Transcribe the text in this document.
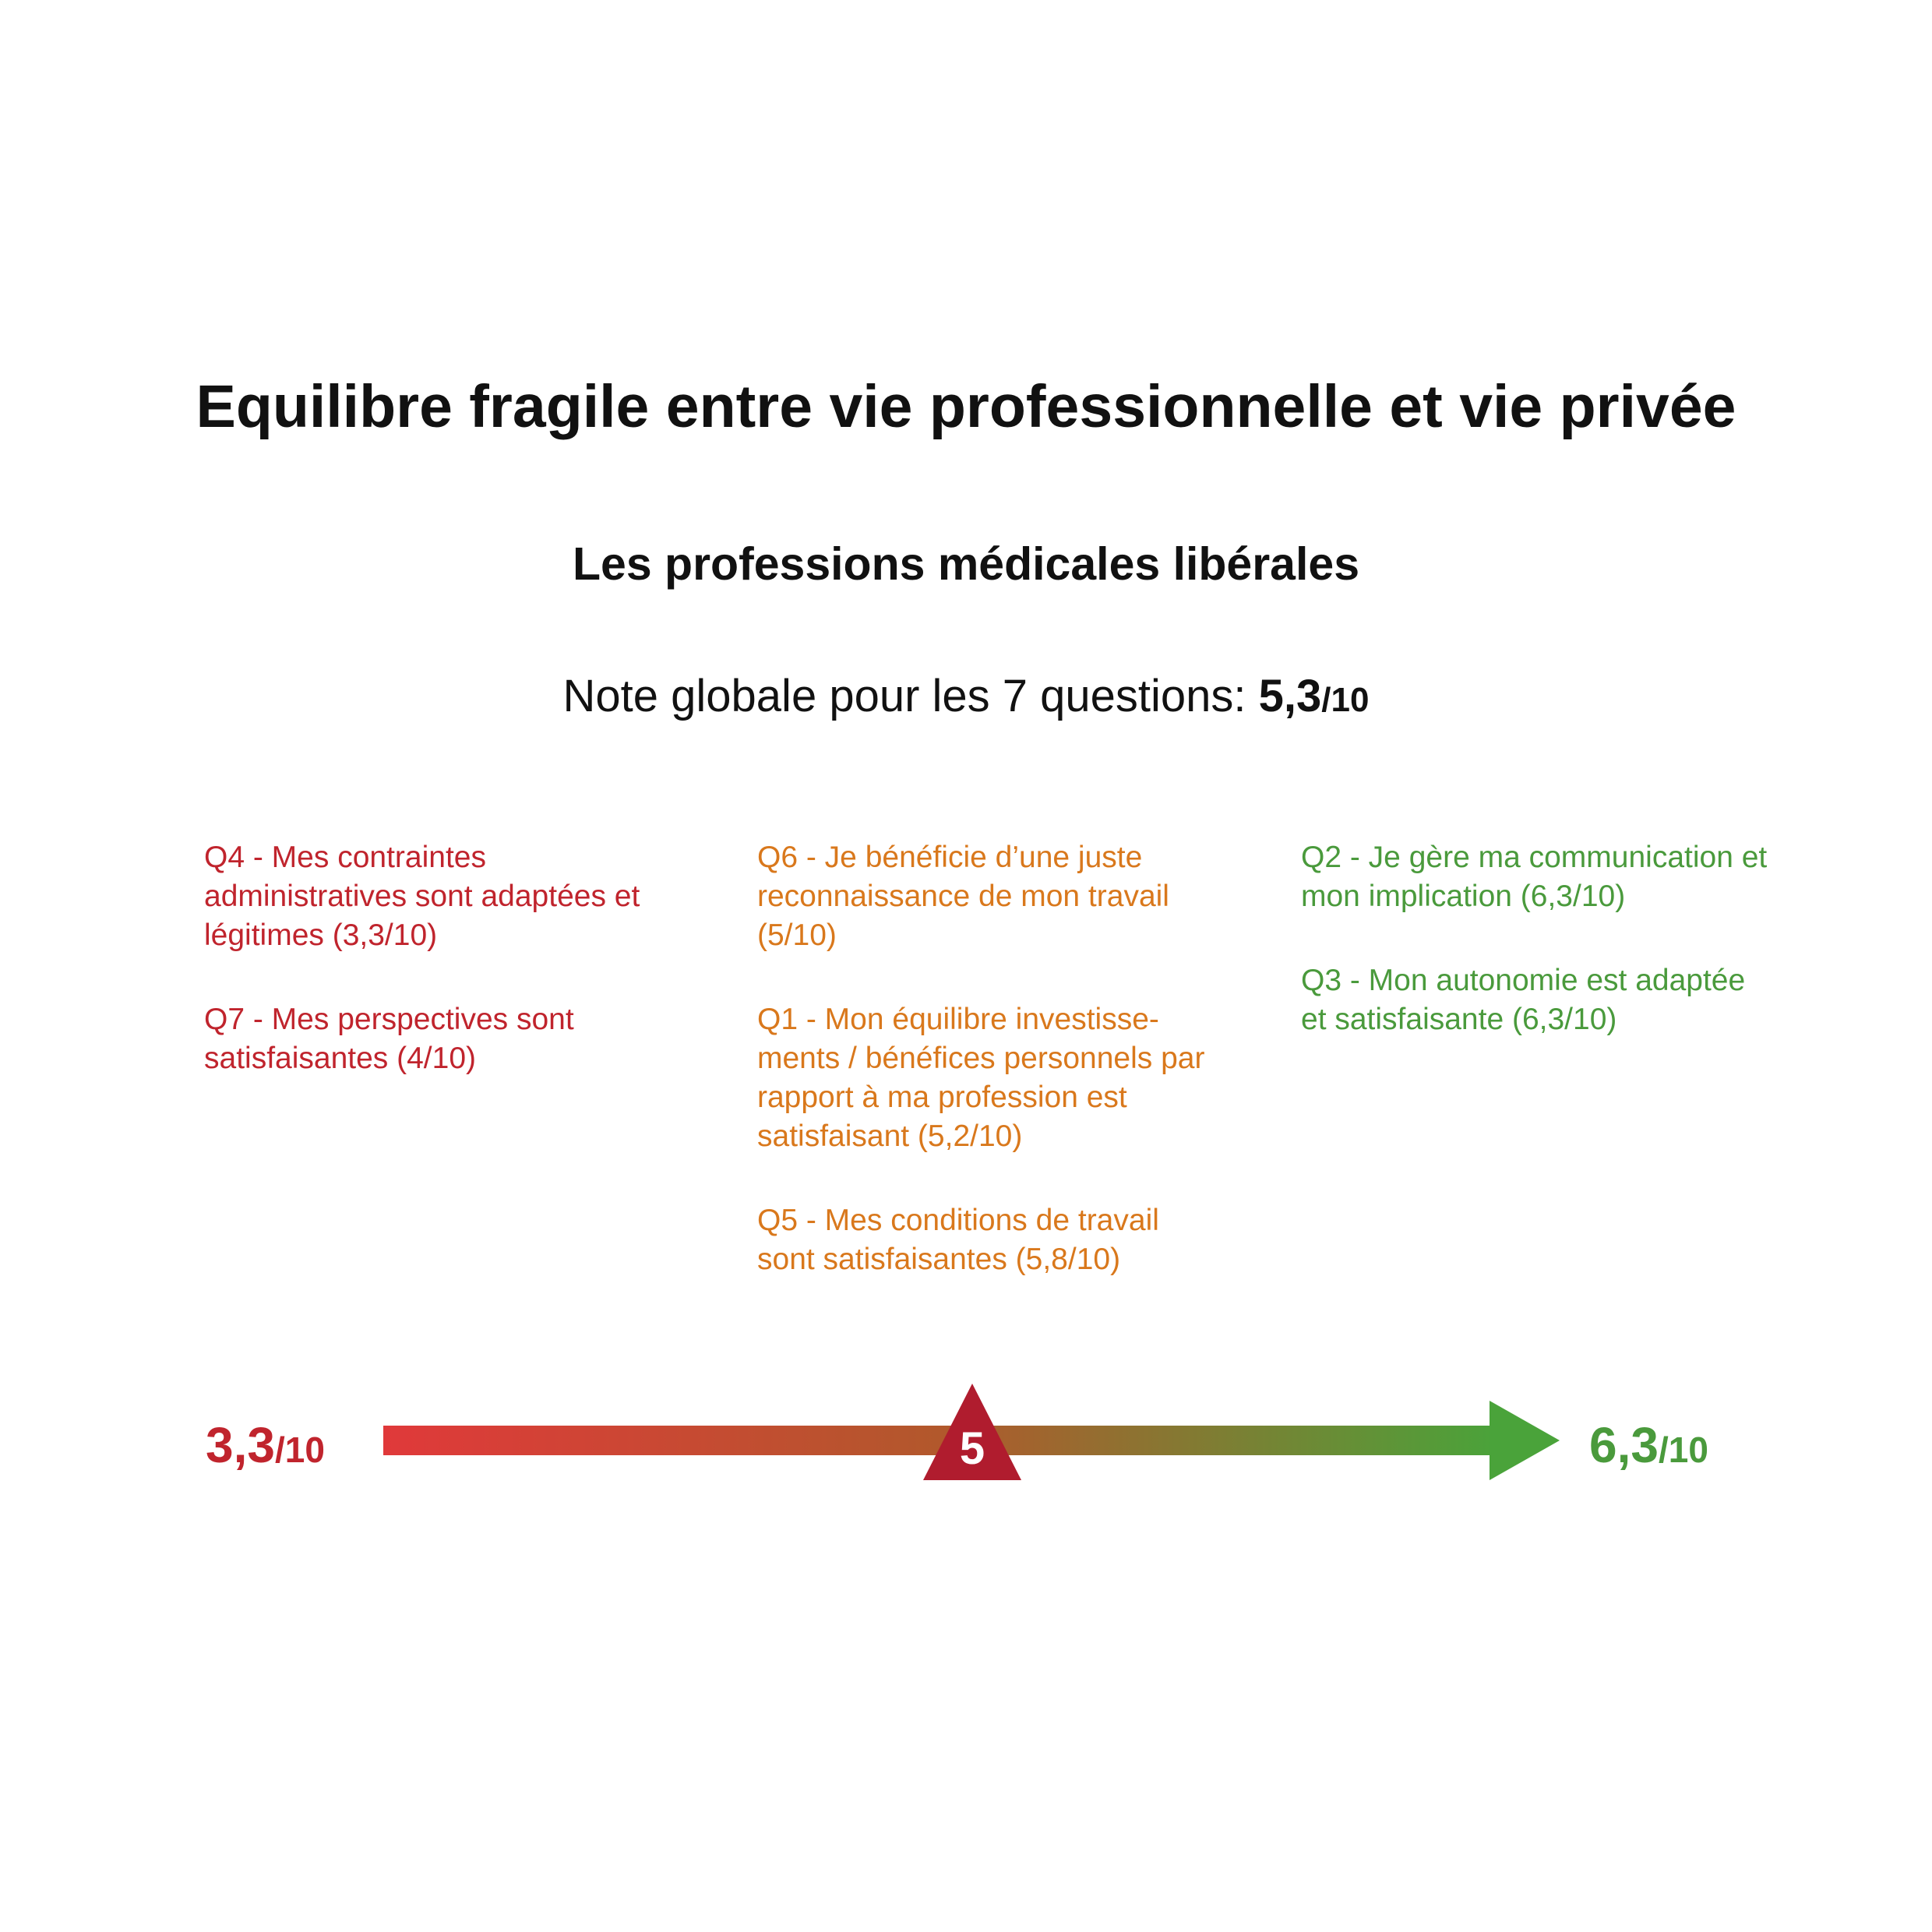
Equilibre fragile entre vie professionnelle et vie privée
Les professions médicales libérales
Note globale pour les 7 questions: 5,3/10

Q4 - Mes contraintes administratives sont adaptées et légitimes (3,3/10)

Q7 - Mes perspectives sont satisfaisantes (4/10)

Q6 - Je bénéficie d’une juste reconnaissance de mon travail (5/10)

Q1 - Mon équilibre investisse-ments / bénéfices personnels par rapport à ma profession est satisfaisant (5,2/10)

Q5 - Mes conditions de travail sont satisfaisantes (5,8/10)

Q2 - Je gère ma communication et mon implication (6,3/10)

Q3 - Mon autonomie est adaptée et satisfaisante (6,3/10)

3,3/10	5	6,3/10
